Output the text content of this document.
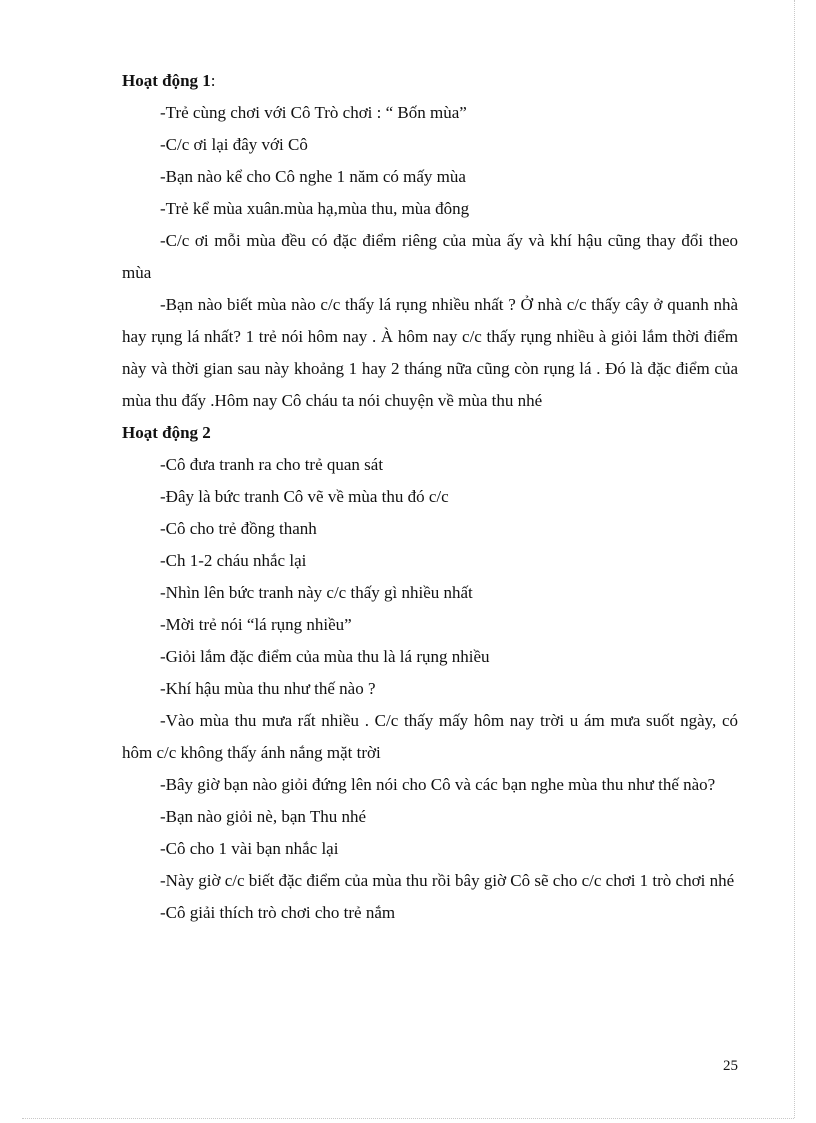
Hoạt động 1:

-Trẻ cùng chơi với Cô Trò chơi : “ Bốn mùa”

-C/c ơi lại đây với Cô

-Bạn nào kể cho Cô nghe 1 năm có mấy mùa

-Trẻ kể mùa xuân.mùa hạ,mùa thu, mùa đông

-C/c ơi mỗi mùa đều có đặc điểm riêng của mùa ấy và khí hậu cũng thay đổi theo mùa

-Bạn nào biết mùa nào c/c thấy lá rụng nhiều nhất ? Ở nhà c/c thấy cây ở quanh nhà hay rụng lá nhất? 1 trẻ nói hôm nay . À hôm nay c/c thấy rụng nhiều à giỏi lắm thời điểm này và thời gian sau này khoảng 1 hay 2 tháng nữa cũng còn rụng lá . Đó là đặc điểm của mùa thu đấy .Hôm nay Cô cháu ta nói chuyện về mùa thu nhé

Hoạt động 2

-Cô đưa tranh ra cho trẻ quan sát

-Đây là bức tranh Cô vẽ về mùa thu đó c/c

-Cô cho trẻ đồng thanh

-Ch 1-2 cháu nhắc lại

-Nhìn lên bức tranh này c/c thấy gì nhiều nhất

-Mời trẻ nói “lá rụng nhiều”

-Giỏi lắm đặc điểm của mùa thu là lá rụng nhiều

-Khí hậu mùa thu như thế nào ?

-Vào mùa thu mưa rất nhiều . C/c thấy mấy hôm nay trời u ám mưa suốt ngày, có hôm c/c không thấy ánh nắng mặt trời

-Bây giờ bạn nào giỏi đứng lên nói cho Cô và các bạn nghe mùa thu như thế nào?

-Bạn nào giỏi nè, bạn Thu nhé

-Cô cho 1 vài bạn nhắc lại

-Này giờ c/c biết đặc điểm của mùa thu rồi bây giờ Cô sẽ cho c/c chơi 1 trò chơi nhé

-Cô giải thích trò chơi cho trẻ nắm

25
